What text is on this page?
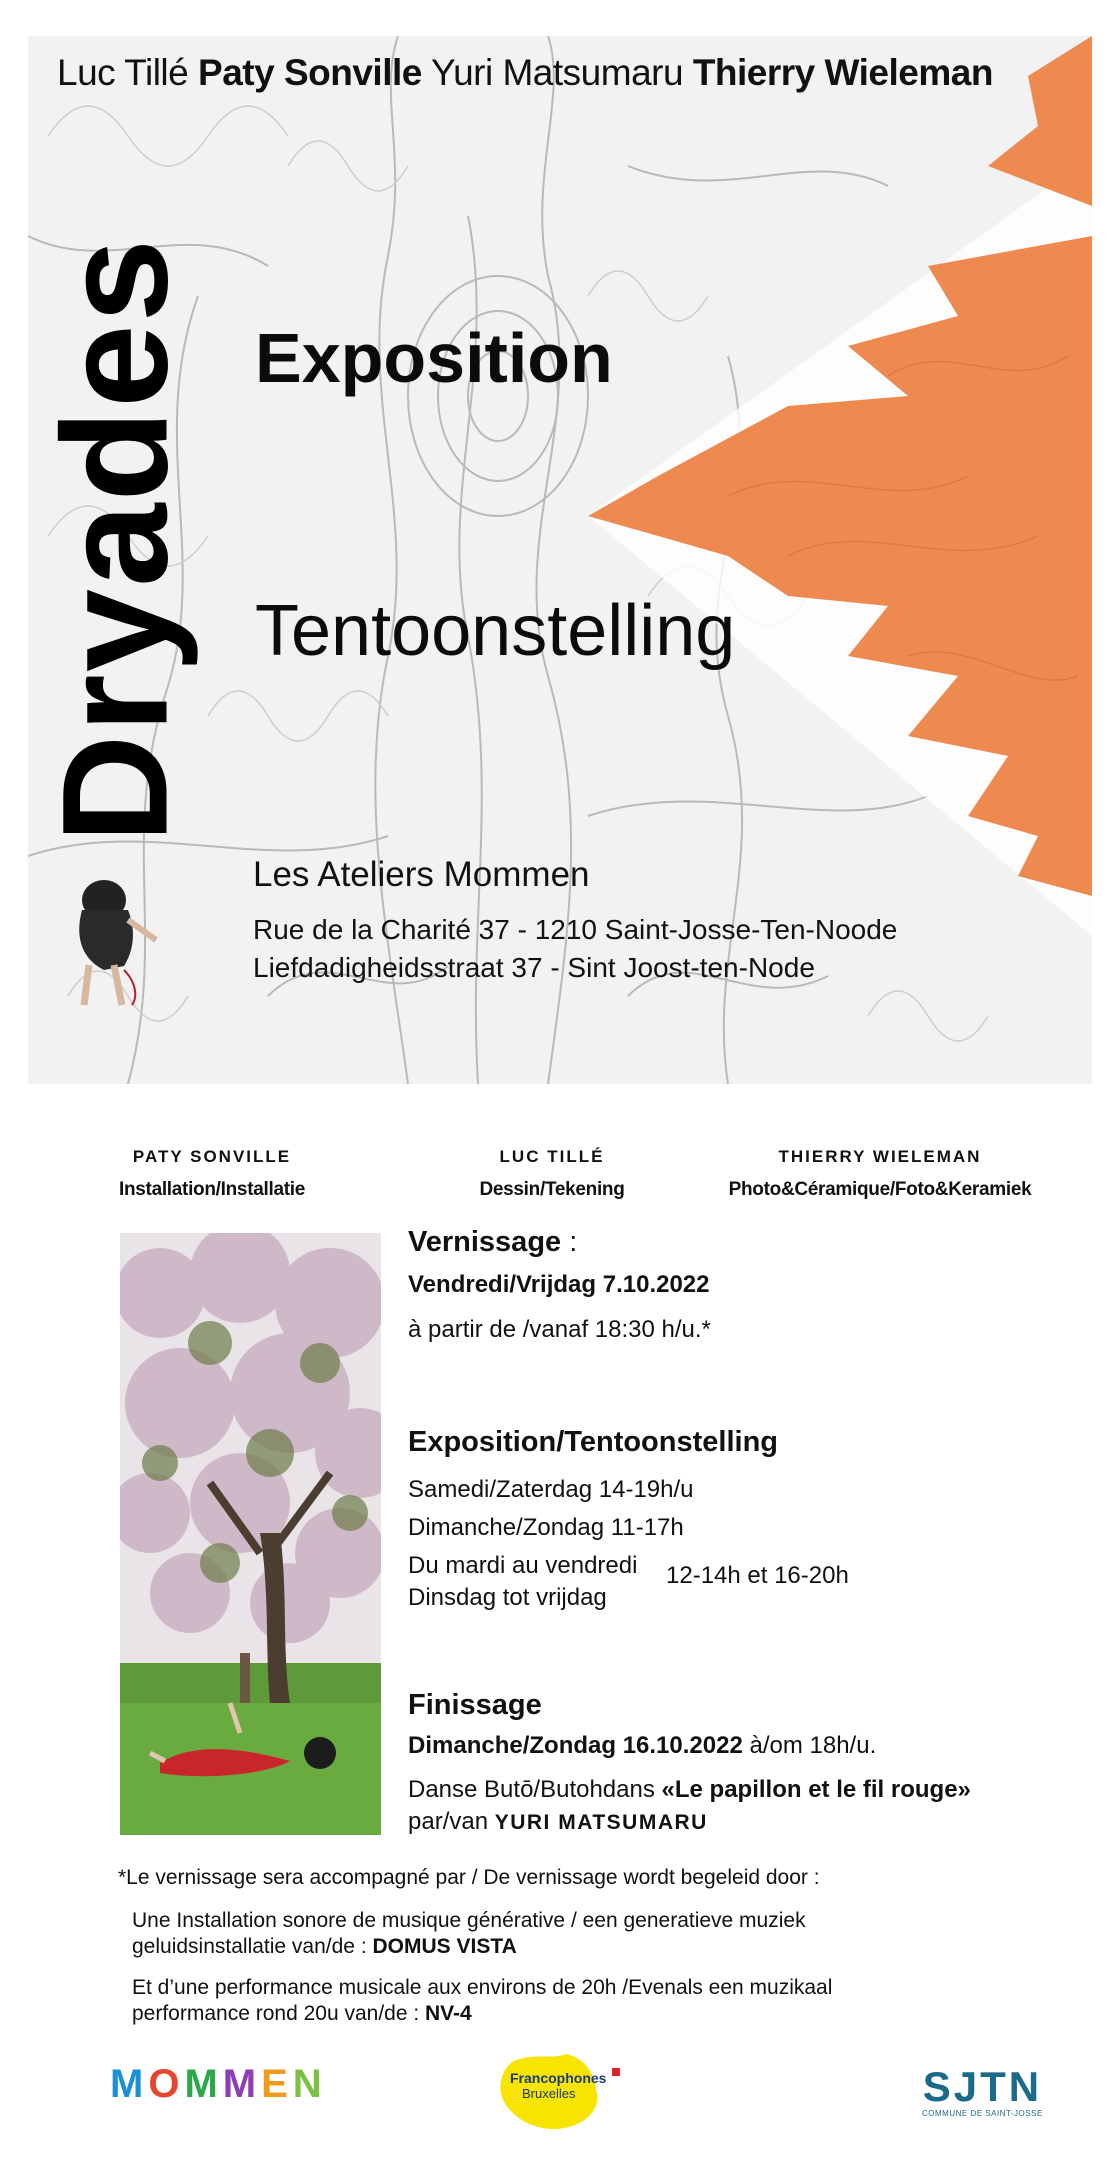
Luc Tillé Paty Sonville Yuri Matsumaru Thierry Wieleman
Dryades Exposition
Tentoonstelling
Les Ateliers Mommen
Rue de la Charité 37 - 1210 Saint-Josse-Ten-Noode
Liefdadigheidsstraat 37 - Sint Joost-ten-Node
PATY SONVILLE
Installation/Installatie
LUC TILLÉ
Dessin/Tekening
THIERRY WIELEMAN
Photo&Céramique/Foto&Keramiek
Vernissage :
Vendredi/Vrijdag 7.10.2022
à partir de /vanaf 18:30 h/u.*
Exposition/Tentoonstelling
Samedi/Zaterdag 14-19h/u
Dimanche/Zondag 11-17h
Du mardi au vendredi
Dinsdag tot vrijdag
12-14h et 16-20h
Finissage
Dimanche/Zondag 16.10.2022 à/om 18h/u.
Danse Butō/Butohdans «Le papillon et le fil rouge»
par/van YURI MATSUMARU
*Le vernissage sera accompagné par / De vernissage wordt begeleid door :
Une Installation sonore de musique générative / een generatieve muziek
geluidsinstallatie van/de : DOMUS VISTA
Et d’une performance musicale aux environs de 20h /Evenals een muzikaal
performance rond 20u van/de : NV-4
MOMMEN	Francophones
Bruxelles	SJTN
COMMUNE DE SAINT-JOSSE
